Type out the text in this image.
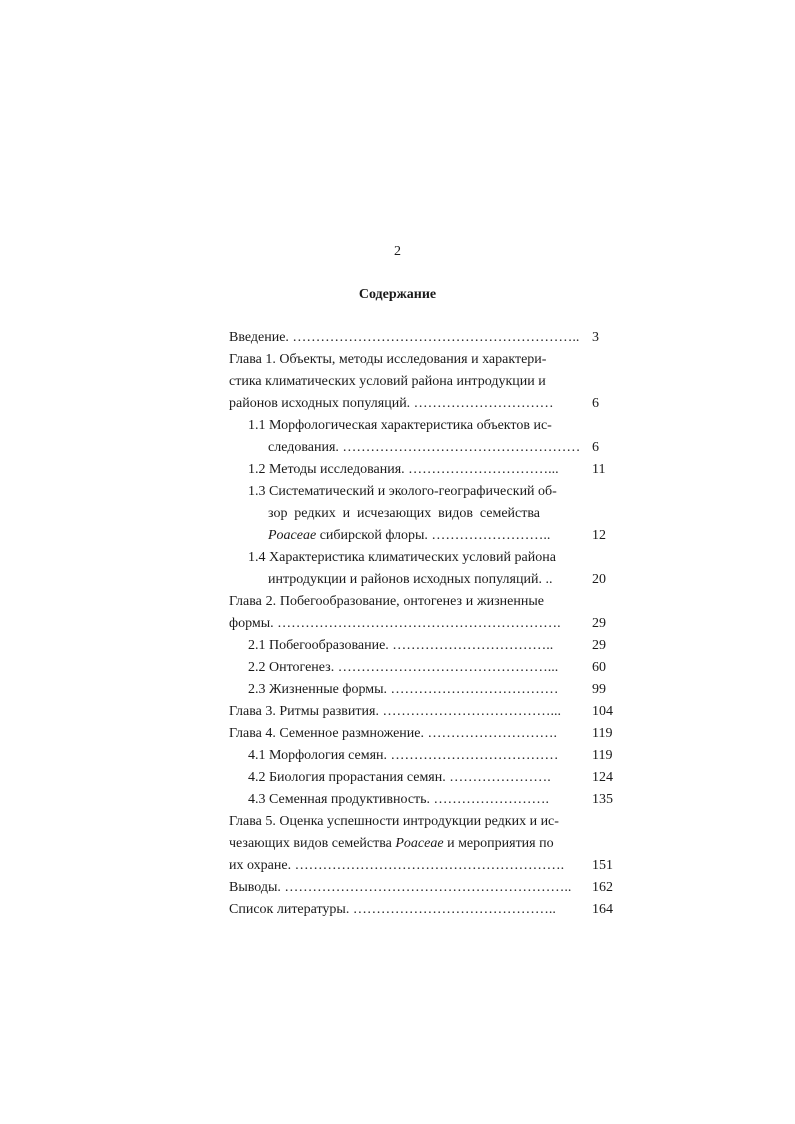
2
Содержание
Введение. …………………………………………………….. 3
Глава 1. Объекты, методы исследования и характери-
стика климатических условий района интродукции и
районов исходных популяций. …………………………	6
1.1 Морфологическая характеристика объектов ис-
следования. …………………………………………… 6
1.2 Методы исследования. …………………………... 11
1.3 Систематический и эколого-географический об-
зор редких и исчезающих видов семейства
Poaceae сибирской флоры. ……………………..	12
1.4 Характеристика климатических условий района
интродукции и районов исходных популяций. ..	20
Глава 2. Побегообразование, онтогенез и жизненные
формы. ……………………………………………………. 29
2.1 Побегообразование. ……………………………..	29
2.2 Онтогенез. ………………………………………... 60
2.3 Жизненные формы. ……………………………… 99
Глава 3. Ритмы развития. ………………………………... 104
Глава 4. Семенное размножение. ……………………….	119
4.1 Морфология семян. ……………………………… 119
4.2 Биология прорастания семян. ………………….	124
4.3 Семенная продуктивность. …………………….	135
Глава 5. Оценка успешности интродукции редких и ис-
чезающих видов семейства Poaceae и мероприятия по
их охране. …………………………………………………. 151
Выводы. …………………………………………………….. 162
Список литературы. ……………………………………..	164
